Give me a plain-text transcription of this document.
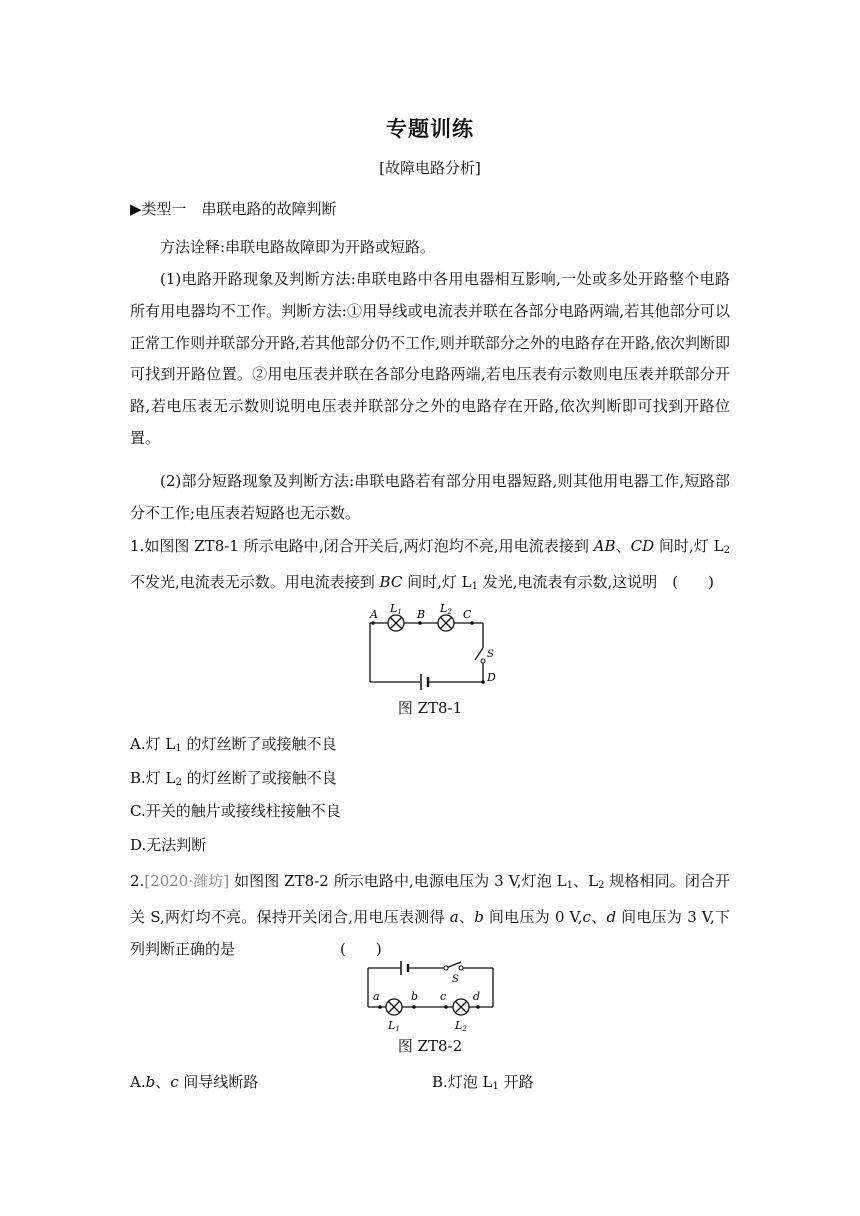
专题训练
[故障电路分析]
▶类型一　串联电路的故障判断
方法诠释:串联电路故障即为开路或短路。
(1)电路开路现象及判断方法:串联电路中各用电器相互影响,一处或多处开路整个电路所有用电器均不工作。判断方法:①用导线或电流表并联在各部分电路两端,若其他部分可以正常工作则并联部分开路,若其他部分仍不工作,则并联部分之外的电路存在开路,依次判断即可找到开路位置。②用电压表并联在各部分电路两端,若电压表有示数则电压表并联部分开路,若电压表无示数则说明电压表并联部分之外的电路存在开路,依次判断即可找到开路位置。
(2)部分短路现象及判断方法:串联电路若有部分用电器短路,则其他用电器工作,短路部分不工作;电压表若短路也无示数。
1.如图图 ZT8-1 所示电路中,闭合开关后,两灯泡均不亮,用电流表接到 AB、CD 间时,灯 $L_2$ 不发光,电流表无示数。用电流表接到 BC 间时,灯 $L_1$ 发光,电流表有示数,这说明　(　　)
A L1 B L2 C
S
D
图 ZT8-1
A.灯 $L_1$ 的灯丝断了或接触不良
B.灯 $L_2$ 的灯丝断了或接触不良
C.开关的触片或接线柱接触不良
D.无法判断
2.[2020·潍坊] 如图图 ZT8-2 所示电路中,电源电压为 3 V,灯泡 $L_1$、$L_2$ 规格相同。闭合开关 S,两灯均不亮。保持开关闭合,用电压表测得 a、b 间电压为 0 V,c、d 间电压为 3 V,下列判断正确的是　　　　　　　(　　)
S
a	b c d
L1	L2
图 ZT8-2
A.b、c 间导线断路	B.灯泡 $L_1$ 开路
